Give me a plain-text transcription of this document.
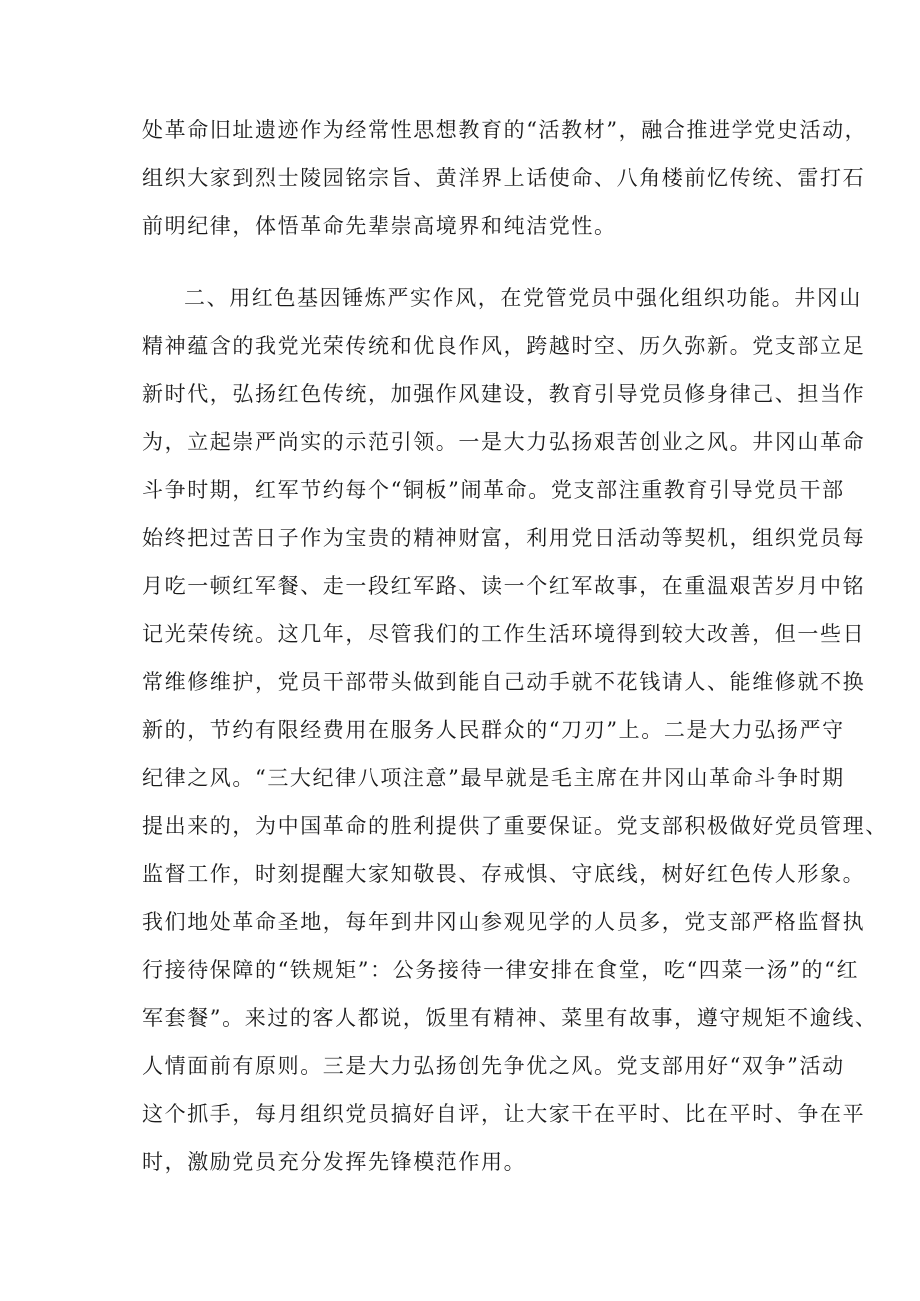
处革命旧址遗迹作为经常性思想教育的“活教材”，融合推进学党史活动，
组织大家到烈士陵园铭宗旨、黄洋界上话使命、八角楼前忆传统、雷打石
前明纪律，体悟革命先辈崇高境界和纯洁党性。
二、用红色基因锤炼严实作风，在党管党员中强化组织功能。井冈山
精神蕴含的我党光荣传统和优良作风，跨越时空、历久弥新。党支部立足
新时代，弘扬红色传统，加强作风建设，教育引导党员修身律己、担当作
为，立起崇严尚实的示范引领。一是大力弘扬艰苦创业之风。井冈山革命
斗争时期，红军节约每个“铜板”闹革命。党支部注重教育引导党员干部
始终把过苦日子作为宝贵的精神财富，利用党日活动等契机，组织党员每
月吃一顿红军餐、走一段红军路、读一个红军故事，在重温艰苦岁月中铭
记光荣传统。这几年，尽管我们的工作生活环境得到较大改善，但一些日
常维修维护，党员干部带头做到能自己动手就不花钱请人、能维修就不换
新的，节约有限经费用在服务人民群众的“刀刃”上。二是大力弘扬严守
纪律之风。“三大纪律八项注意”最早就是毛主席在井冈山革命斗争时期
提出来的，为中国革命的胜利提供了重要保证。党支部积极做好党员管理、
监督工作，时刻提醒大家知敬畏、存戒惧、守底线，树好红色传人形象。
我们地处革命圣地，每年到井冈山参观见学的人员多，党支部严格监督执
行接待保障的“铁规矩”：公务接待一律安排在食堂，吃“四菜一汤”的“红
军套餐”。来过的客人都说，饭里有精神、菜里有故事，遵守规矩不逾线、
人情面前有原则。三是大力弘扬创先争优之风。党支部用好“双争”活动
这个抓手，每月组织党员搞好自评，让大家干在平时、比在平时、争在平
时，激励党员充分发挥先锋模范作用。
